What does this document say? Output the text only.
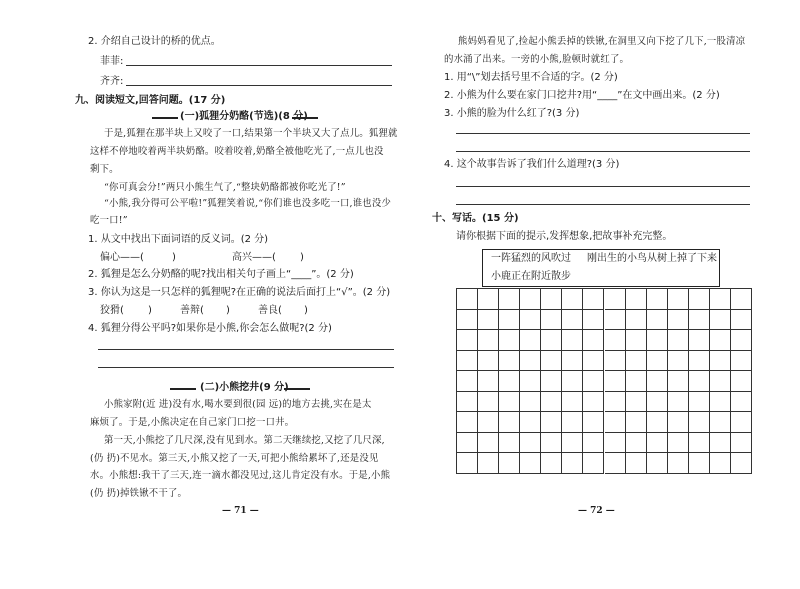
2. 介绍自己设计的桥的优点。
菲菲:
齐齐:
九、阅读短文,回答问题。(17 分)
(一)狐狸分奶酪(节选)(8 分)
于是,狐狸在那半块上又咬了一口,结果第一个半块又大了点儿。狐狸就
这样不停地咬着两半块奶酪。咬着咬着,奶酪全被他吃光了,一点儿也没
剩下。
“你可真会分!”两只小熊生气了,“整块奶酪都被你吃光了!”
“小熊,我分得可公平啦!”狐狸笑着说,“你们谁也没多吃一口,谁也没少
吃一口!”
1. 从文中找出下面词语的反义词。(2 分)
偏心——(	)	高兴——( )
2. 狐狸是怎么分奶酪的呢?找出相关句子画上“____”。(2 分)
3. 你认为这是一只怎样的狐狸呢?在正确的说法后面打上“√”。(2 分)
狡猾( )	善辩( )	善良( )
4. 狐狸分得公平吗?如果你是小熊,你会怎么做呢?(2 分)
(二)小熊挖井(9 分)
小熊家附(近 进)没有水,喝水要到很(园 远)的地方去挑,实在是太
麻烦了。于是,小熊决定在自己家门口挖一口井。
第一天,小熊挖了几尺深,没有见到水。第二天继续挖,又挖了几尺深,
(仍 扔)不见水。第三天,小熊又挖了一天,可把小熊给累坏了,还是没见
水。小熊想:我干了三天,连一滴水都没见过,这儿肯定没有水。于是,小熊
(仍 扔)掉铁锹不干了。
— 71 —
熊妈妈看见了,捡起小熊丢掉的铁锹,在洞里又向下挖了几下,一股清凉
的水涌了出来。一旁的小熊,脸顿时就红了。
1. 用“\”划去括号里不合适的字。(2 分)
2. 小熊为什么要在家门口挖井?用“____”在文中画出来。(2 分)
3. 小熊的脸为什么红了?(3 分)
4. 这个故事告诉了我们什么道理?(3 分)
十、写话。(15 分)
请你根据下面的提示,发挥想象,把故事补充完整。
一阵猛烈的风吹过 刚出生的小鸟从树上掉了下来
小鹿正在附近散步
— 72 —
